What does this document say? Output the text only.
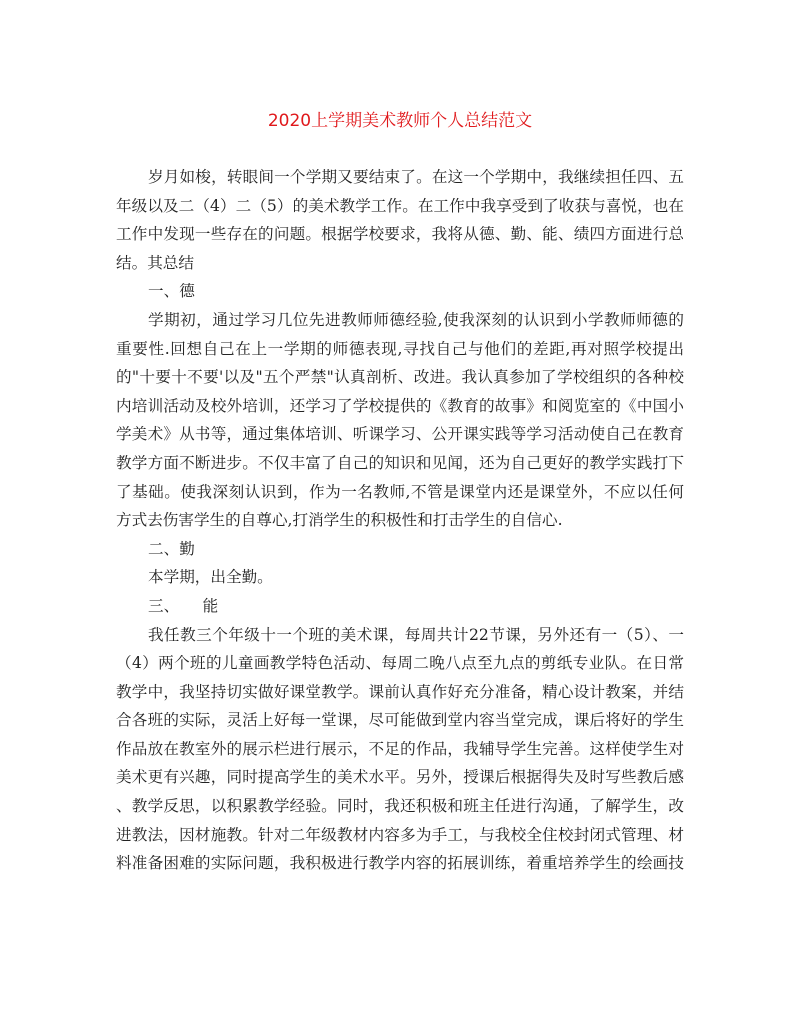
2020上学期美术教师个人总结范文
岁月如梭，转眼间一个学期又要结束了。在这一个学期中，我继续担任四、五
年级以及二（4）二（5）的美术教学工作。在工作中我享受到了收获与喜悦，也在
工作中发现一些存在的问题。根据学校要求，我将从德、勤、能、绩四方面进行总
结。其总结
一、德
学期初，通过学习几位先进教师师德经验,使我深刻的认识到小学教师师德的
重要性.回想自己在上一学期的师德表现,寻找自己与他们的差距,再对照学校提出
的"十要十不要'以及"五个严禁"认真剖析、改进。我认真参加了学校组织的各种校
内培训活动及校外培训，还学习了学校提供的《教育的故事》和阅览室的《中国小
学美术》从书等，通过集体培训、听课学习、公开课实践等学习活动使自己在教育
教学方面不断进步。不仅丰富了自己的知识和见闻，还为自己更好的教学实践打下
了基础。使我深刻认识到，作为一名教师,不管是课堂内还是课堂外，不应以任何
方式去伤害学生的自尊心,打消学生的积极性和打击学生的自信心.
二、勤
本学期，出全勤。
三、　　能
我任教三个年级十一个班的美术课，每周共计22节课，另外还有一（5）、一
（4）两个班的儿童画教学特色活动、每周二晚八点至九点的剪纸专业队。在日常
教学中，我坚持切实做好课堂教学。课前认真作好充分准备，精心设计教案，并结
合各班的实际，灵活上好每一堂课，尽可能做到堂内容当堂完成，课后将好的学生
作品放在教室外的展示栏进行展示，不足的作品，我辅导学生完善。这样使学生对
美术更有兴趣，同时提高学生的美术水平。另外，授课后根据得失及时写些教后感
、教学反思，以积累教学经验。同时，我还积极和班主任进行沟通，了解学生，改
进教法，因材施教。针对二年级教材内容多为手工，与我校全住校封闭式管理、材
料准备困难的实际问题，我积极进行教学内容的拓展训练，着重培养学生的绘画技
